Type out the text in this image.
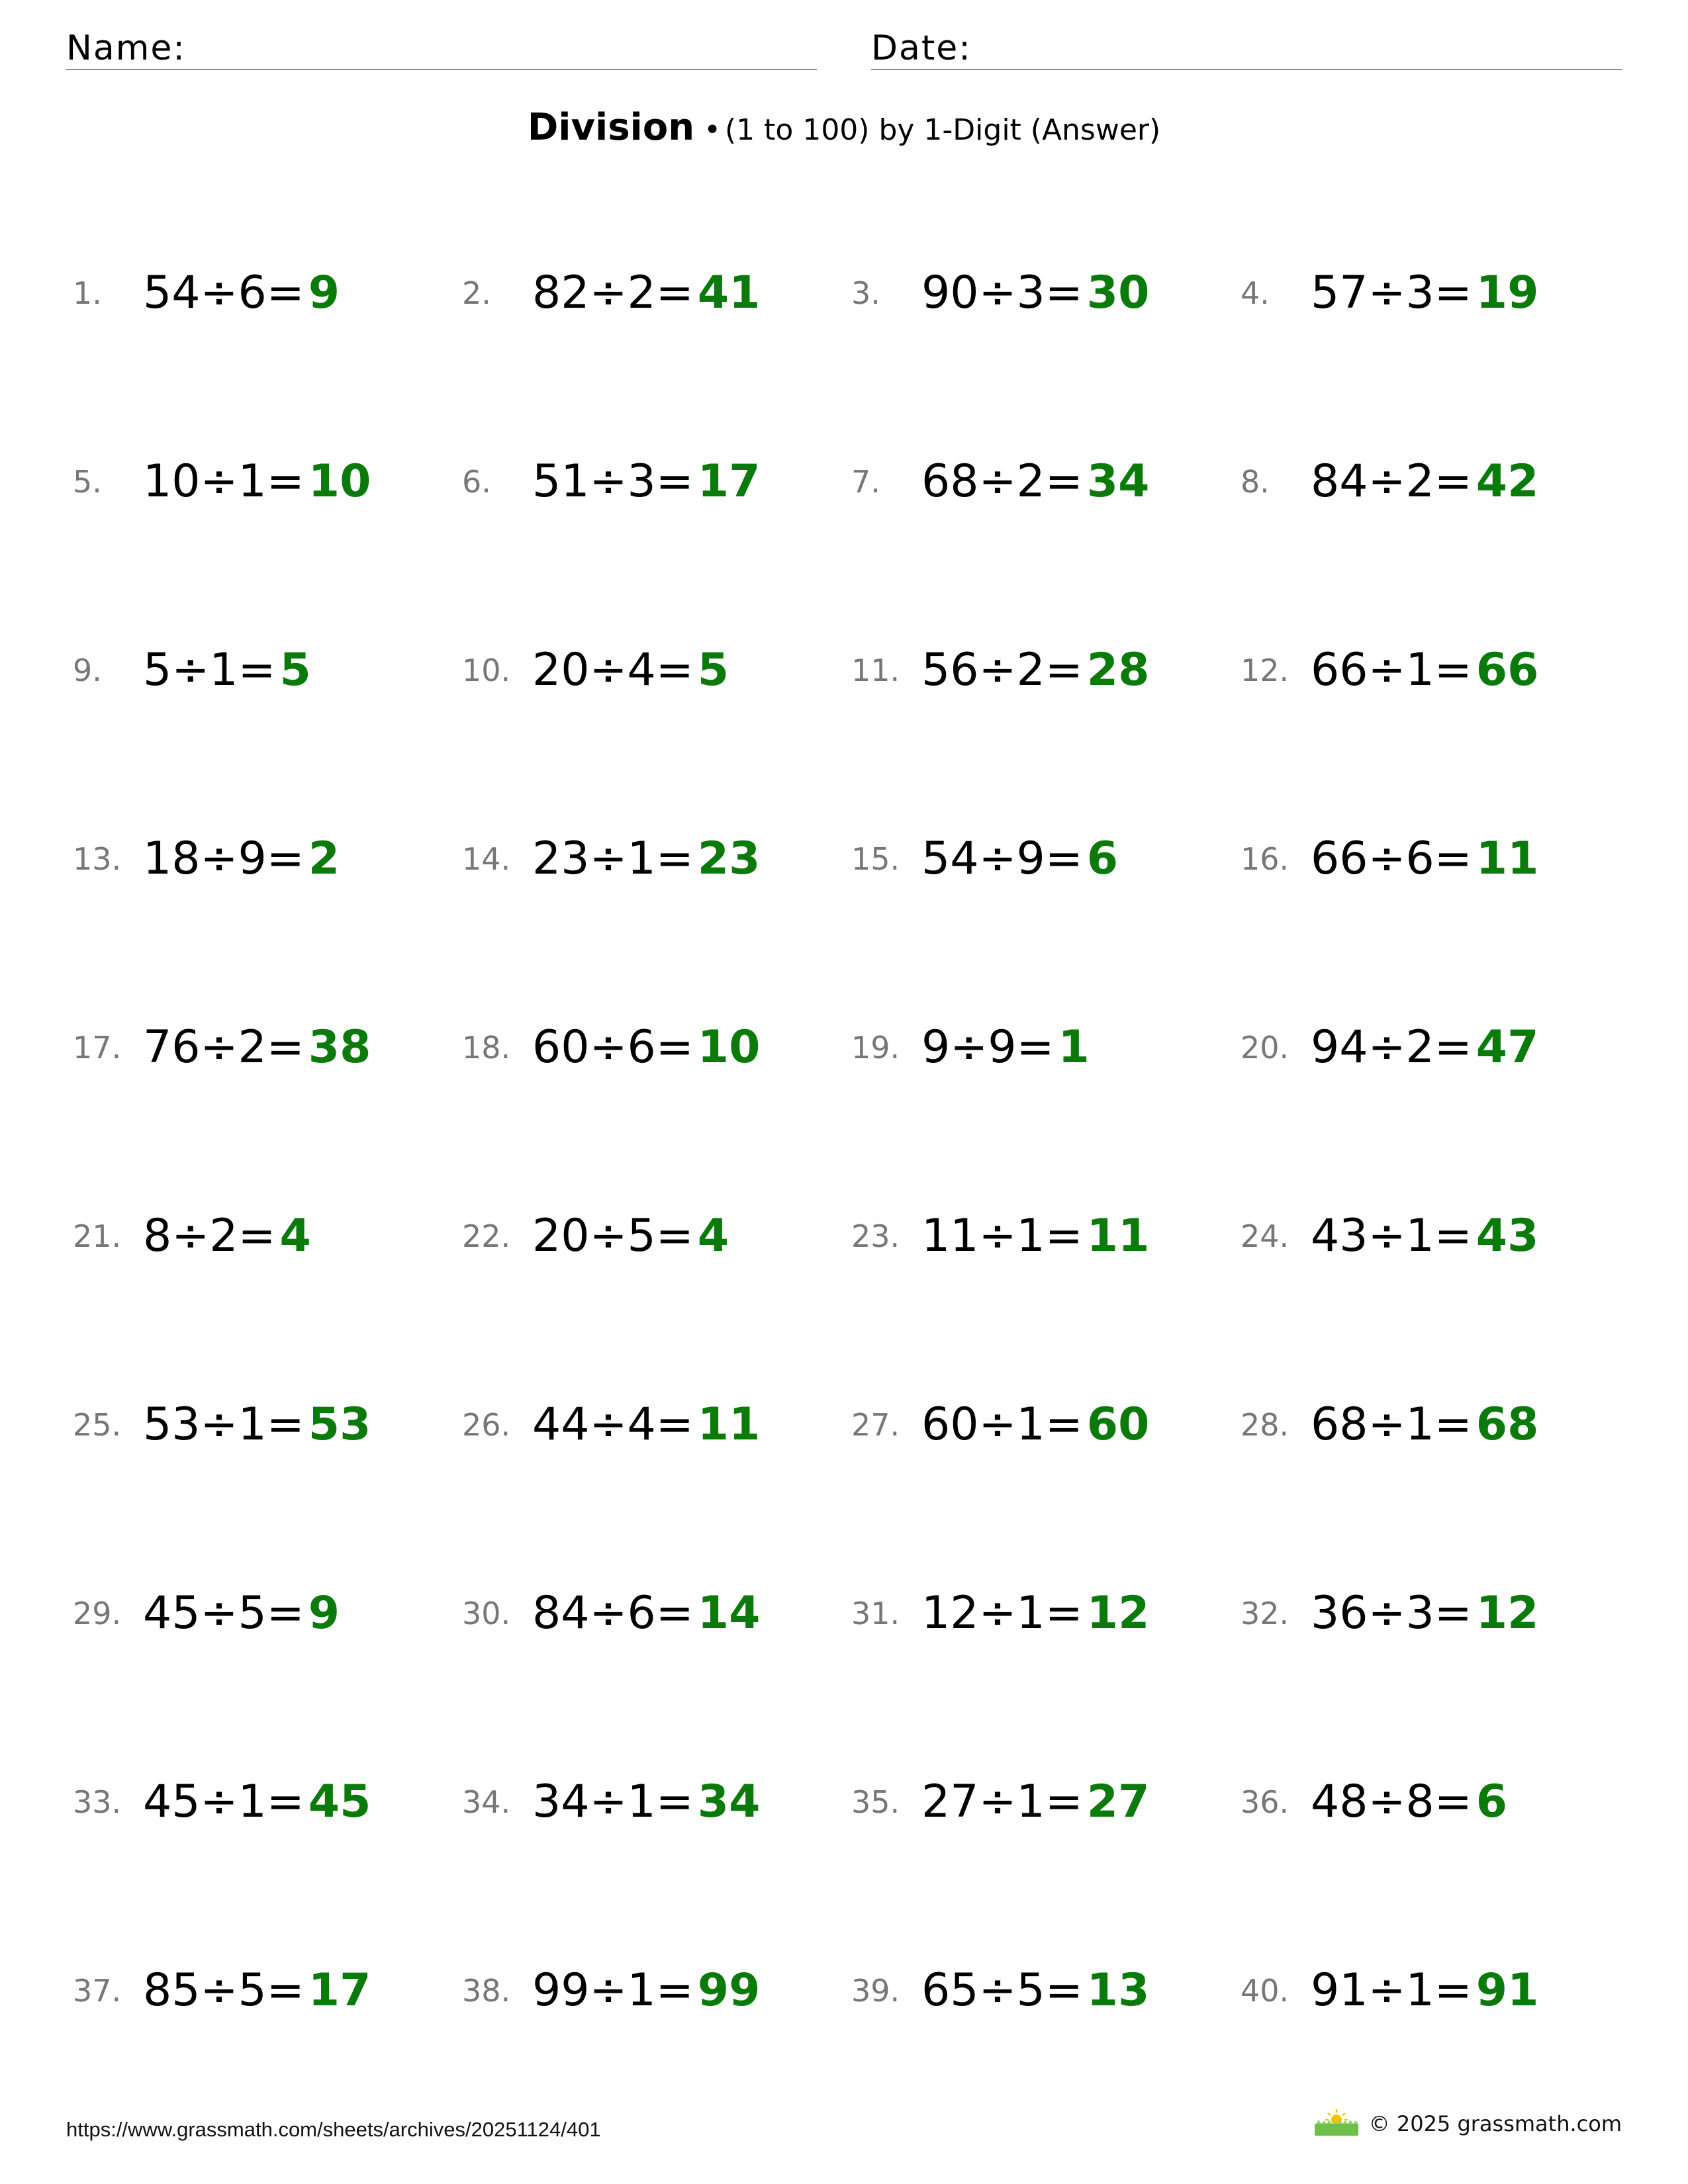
Name:	Date:
Division • (1 to 100) by 1-Digit (Answer)
1. 54 ÷ 6 = 9	2. 82 ÷ 2 = 41	3. 90 ÷ 3 = 30	4. 57 ÷ 3 = 19
5. 10 ÷ 1 = 10	6. 51 ÷ 3 = 17	7. 68 ÷ 2 = 34	8. 84 ÷ 2 = 42
9. 5 ÷ 1 = 5	10. 20 ÷ 4 = 5	11. 56 ÷ 2 = 28	12. 66 ÷ 1 = 66
13. 18 ÷ 9 = 2	14. 23 ÷ 1 = 23	15. 54 ÷ 9 = 6	16. 66 ÷ 6 = 11
17. 76 ÷ 2 = 38	18. 60 ÷ 6 = 10	19. 9 ÷ 9 = 1	20. 94 ÷ 2 = 47
21. 8 ÷ 2 = 4	22. 20 ÷ 5 = 4	23. 11 ÷ 1 = 11	24. 43 ÷ 1 = 43
25. 53 ÷ 1 = 53	26. 44 ÷ 4 = 11	27. 60 ÷ 1 = 60	28. 68 ÷ 1 = 68
29. 45 ÷ 5 = 9	30. 84 ÷ 6 = 14	31. 12 ÷ 1 = 12	32. 36 ÷ 3 = 12
33. 45 ÷ 1 = 45	34. 34 ÷ 1 = 34	35. 27 ÷ 1 = 27	36. 48 ÷ 8 = 6
37. 85 ÷ 5 = 17	38. 99 ÷ 1 = 99	39. 65 ÷ 5 = 13	40. 91 ÷ 1 = 91
https://www.grassmath.com/sheets/archives/20251124/401	© 2025 grassmath.com
